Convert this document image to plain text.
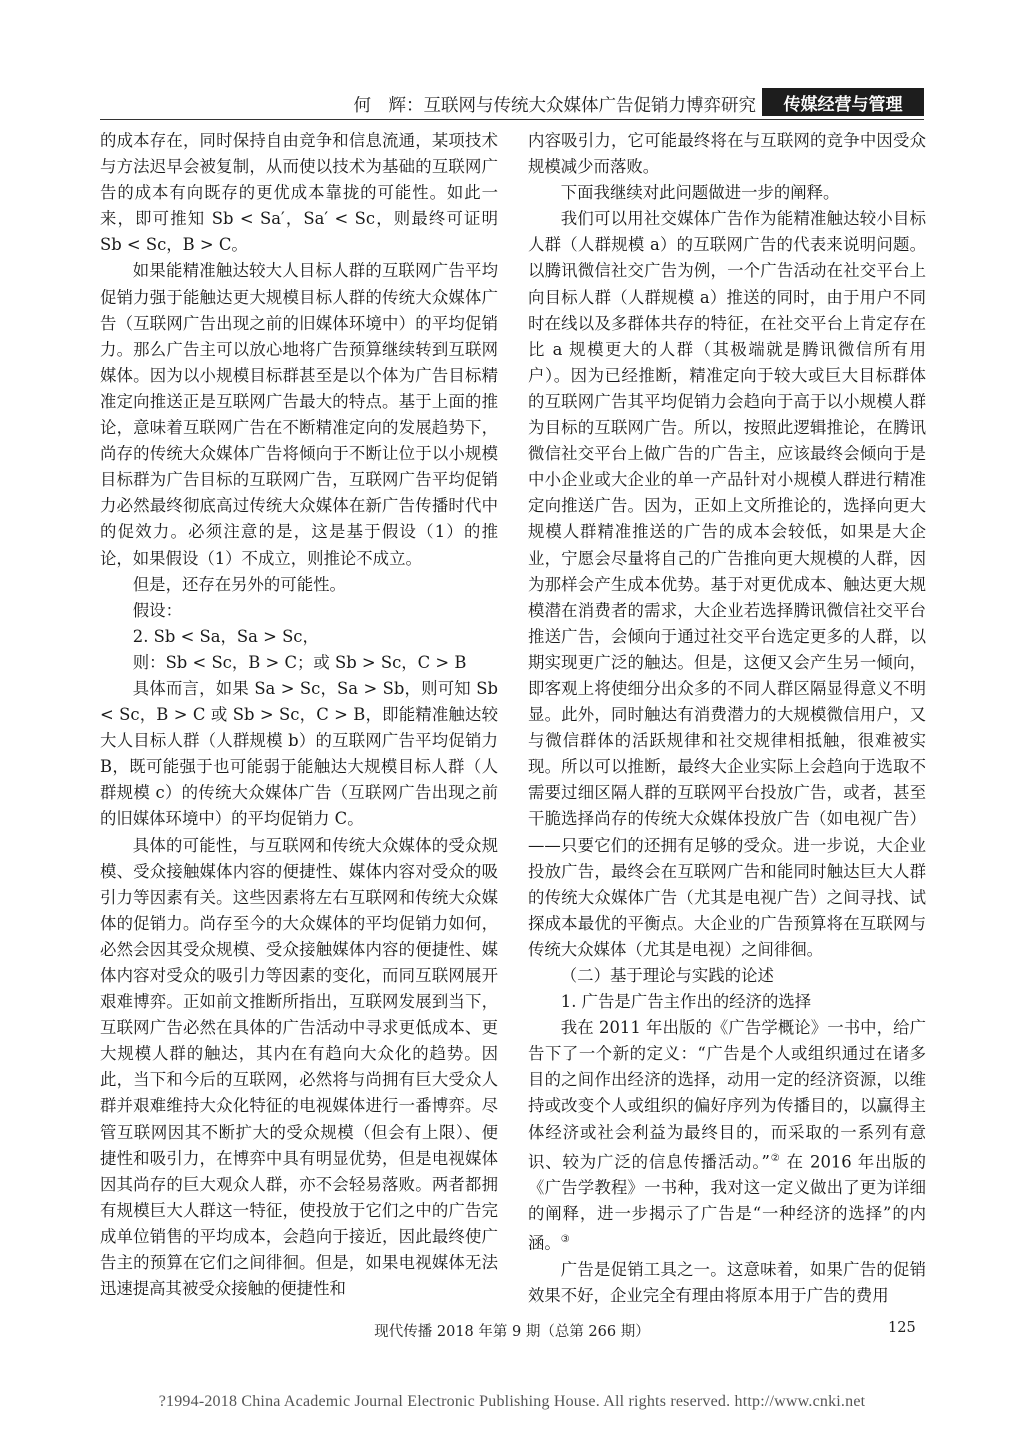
何　辉：互联网与传统大众媒体广告促销力博弈研究	传媒经营与管理

的成本存在，同时保持自由竞争和信息流通，某项技术与方法迟早会被复制，从而使以技术为基础的互联网广告的成本有向既存的更优成本靠拢的可能性。如此一来，即可推知 Sb < Sa′，Sa′ < Sc，则最终可证明 Sb < Sc，B > C。

如果能精准触达较大人目标人群的互联网广告平均促销力强于能触达更大规模目标人群的传统大众媒体广告（互联网广告出现之前的旧媒体环境中）的平均促销力。那么广告主可以放心地将广告预算继续转到互联网媒体。因为以小规模目标群甚至是以个体为广告目标精准定向推送正是互联网广告最大的特点。基于上面的推论，意味着互联网广告在不断精准定向的发展趋势下，尚存的传统大众媒体广告将倾向于不断让位于以小规模目标群为广告目标的互联网广告，互联网广告平均促销力必然最终彻底高过传统大众媒体在新广告传播时代中的促效力。必须注意的是，这是基于假设（1）的推论，如果假设（1）不成立，则推论不成立。

但是，还存在另外的可能性。

假设：

2. Sb < Sa，Sa > Sc，

则：Sb < Sc，B > C；或 Sb > Sc，C > B

具体而言，如果 Sa > Sc，Sa > Sb，则可知 Sb < Sc，B > C 或 Sb > Sc，C > B，即能精准触达较大人目标人群（人群规模 b）的互联网广告平均促销力 B，既可能强于也可能弱于能触达大规模目标人群（人群规模 c）的传统大众媒体广告（互联网广告出现之前的旧媒体环境中）的平均促销力 C。

具体的可能性，与互联网和传统大众媒体的受众规模、受众接触媒体内容的便捷性、媒体内容对受众的吸引力等因素有关。这些因素将左右互联网和传统大众媒体的促销力。尚存至今的大众媒体的平均促销力如何，必然会因其受众规模、受众接触媒体内容的便捷性、媒体内容对受众的吸引力等因素的变化，而同互联网展开艰难博弈。正如前文推断所指出，互联网发展到当下，互联网广告必然在具体的广告活动中寻求更低成本、更大规模人群的触达，其内在有趋向大众化的趋势。因此，当下和今后的互联网，必然将与尚拥有巨大受众人群并艰难维持大众化特征的电视媒体进行一番博弈。尽管互联网因其不断扩大的受众规模（但会有上限）、便捷性和吸引力，在博弈中具有明显优势，但是电视媒体因其尚存的巨大观众人群，亦不会轻易落败。两者都拥有规模巨大人群这一特征，使投放于它们之中的广告完成单位销售的平均成本，会趋向于接近，因此最终使广告主的预算在它们之间徘徊。但是，如果电视媒体无法迅速提高其被受众接触的便捷性和

内容吸引力，它可能最终将在与互联网的竞争中因受众规模减少而落败。

下面我继续对此问题做进一步的阐释。

我们可以用社交媒体广告作为能精准触达较小目标人群（人群规模 a）的互联网广告的代表来说明问题。以腾讯微信社交广告为例，一个广告活动在社交平台上向目标人群（人群规模 a）推送的同时，由于用户不同时在线以及多群体共存的特征，在社交平台上肯定存在比 a 规模更大的人群（其极端就是腾讯微信所有用户）。因为已经推断，精准定向于较大或巨大目标群体的互联网广告其平均促销力会趋向于高于以小规模人群为目标的互联网广告。所以，按照此逻辑推论，在腾讯微信社交平台上做广告的广告主，应该最终会倾向于是中小企业或大企业的单一产品针对小规模人群进行精准定向推送广告。因为，正如上文所推论的，选择向更大规模人群精准推送的广告的成本会较低，如果是大企业，宁愿会尽量将自己的广告推向更大规模的人群，因为那样会产生成本优势。基于对更优成本、触达更大规模潜在消费者的需求，大企业若选择腾讯微信社交平台推送广告，会倾向于通过社交平台选定更多的人群，以期实现更广泛的触达。但是，这便又会产生另一倾向，即客观上将使细分出众多的不同人群区隔显得意义不明显。此外，同时触达有消费潜力的大规模微信用户，又与微信群体的活跃规律和社交规律相抵触，很难被实现。所以可以推断，最终大企业实际上会趋向于选取不需要过细区隔人群的互联网平台投放广告，或者，甚至干脆选择尚存的传统大众媒体投放广告（如电视广告）——只要它们的还拥有足够的受众。进一步说，大企业投放广告，最终会在互联网广告和能同时触达巨大人群的传统大众媒体广告（尤其是电视广告）之间寻找、试探成本最优的平衡点。大企业的广告预算将在互联网与传统大众媒体（尤其是电视）之间徘徊。

（二）基于理论与实践的论述

1. 广告是广告主作出的经济的选择

我在 2011 年出版的《广告学概论》一书中，给广告下了一个新的定义：“广告是个人或组织通过在诸多目的之间作出经济的选择，动用一定的经济资源，以维持或改变个人或组织的偏好序列为传播目的，以赢得主体经济或社会利益为最终目的，而采取的一系列有意识、较为广泛的信息传播活动。”② 在 2016 年出版的《广告学教程》一书种，我对这一定义做出了更为详细的阐释，进一步揭示了广告是“一种经济的选择”的内涵。③

广告是促销工具之一。这意味着，如果广告的促销效果不好，企业完全有理由将原本用于广告的费用

现代传播 2018 年第 9 期（总第 266 期）	125
?1994-2018 China Academic Journal Electronic Publishing House. All rights reserved. http://www.cnki.net
